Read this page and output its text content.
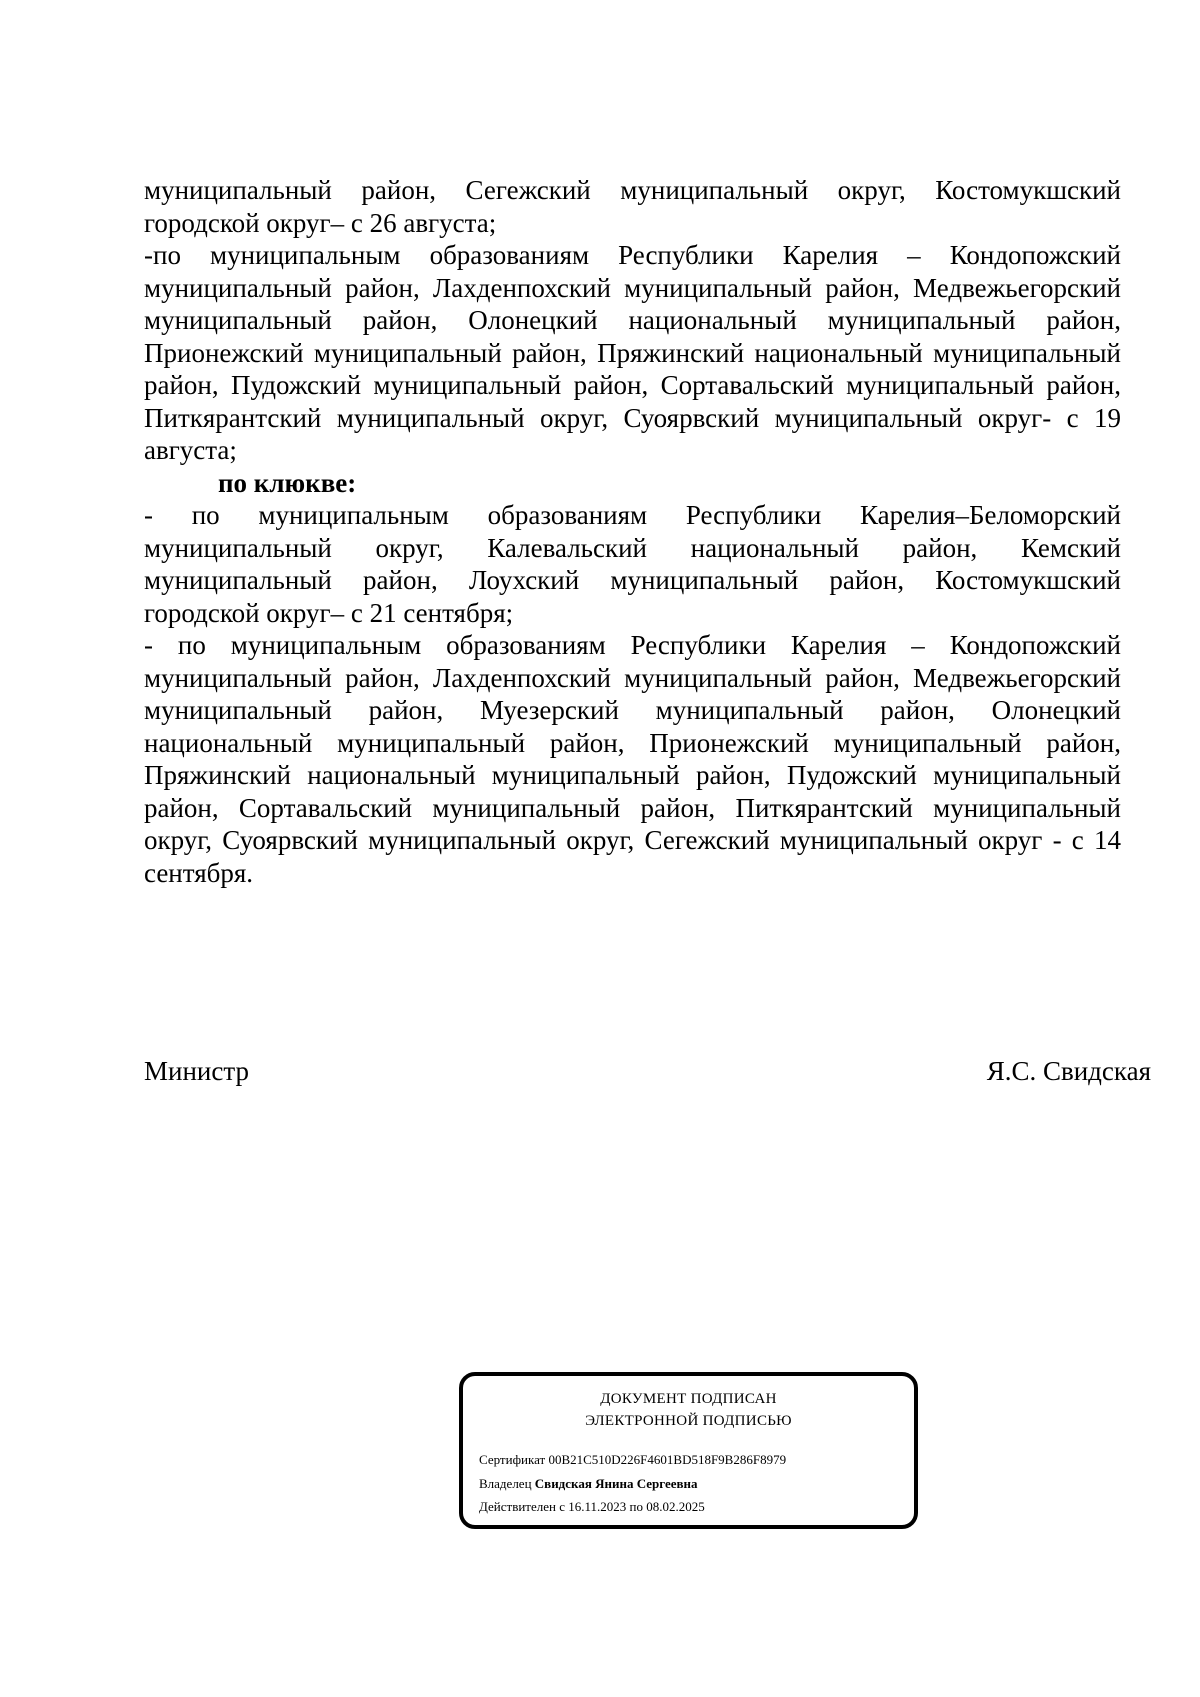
муниципальный район, Сегежский муниципальный округ, Костомукшский городской округ– с 26 августа;

-по муниципальным образованиям Республики Карелия – Кондопожский муниципальный район, Лахденпохский муниципальный район, Медвежьегорский муниципальный район, Олонецкий национальный муниципальный район, Прионежский муниципальный район, Пряжинский национальный муниципальный район, Пудожский муниципальный район, Сортавальский муниципальный район, Питкярантский муниципальный округ, Суоярвский муниципальный округ- с 19 августа;

по клюкве:

- по муниципальным образованиям Республики Карелия–Беломорский муниципальный округ, Калевальский национальный район, Кемский муниципальный район, Лоухский муниципальный район, Костомукшский городской округ– с 21 сентября;

- по муниципальным образованиям Республики Карелия – Кондопожский муниципальный район, Лахденпохский муниципальный район, Медвежьегорский муниципальный район, Муезерский муниципальный район, Олонецкий национальный муниципальный район, Прионежский муниципальный район, Пряжинский национальный муниципальный район, Пудожский муниципальный район, Сортавальский муниципальный район, Питкярантский муниципальный округ, Суоярвский муниципальный округ, Сегежский муниципальный округ - с 14 сентября.

Министр	Я.С. Свидская
ДОКУМЕНТ ПОДПИСАН
ЭЛЕКТРОННОЙ ПОДПИСЬЮ
Сертификат 00B21C510D226F4601BD518F9B286F8979
Владелец Свидская Янина Сергеевна
Действителен с 16.11.2023 по 08.02.2025
